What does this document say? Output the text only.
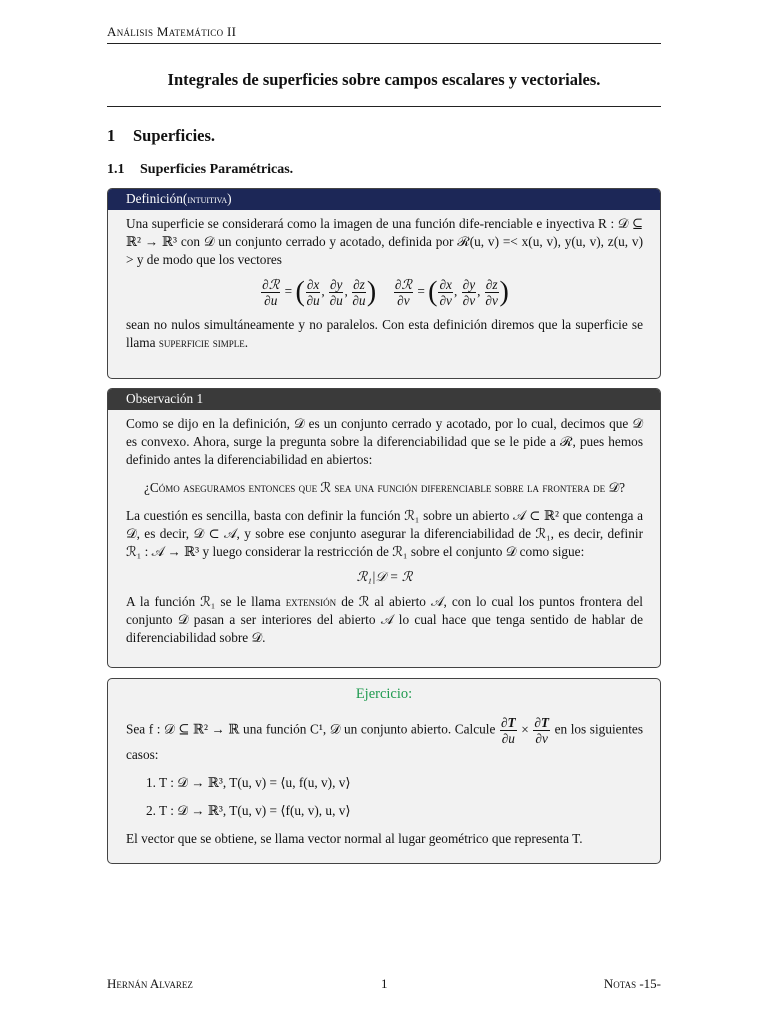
Análisis Matemático II
Integrales de superficies sobre campos escalares y vectoriales.
1 Superficies.
1.1 Superficies Paramétricas.
Definición(intuitiva)

Una superficie se considerará como la imagen de una función dife-renciable e inyectiva R : 𝒟 ⊆ ℝ² → ℝ³ con 𝒟 un conjunto cerrado y acotado, definida por ℛ(u, v) =< x(u, v), y(u, v), z(u, v) > y de modo que los vectores

$\frac{\text{∂ℛ}}{\partial u}$ = ( $\frac{\partial x}{\partial u}$ , $\frac{\partial y}{\partial u}$ , $\frac{\partial z}{\partial u}$ ) $\frac{\text{∂ℛ}}{\partial v}$ = ( $\frac{\partial x}{\partial v}$ , $\frac{\partial y}{\partial v}$ , $\frac{\partial z}{\partial v}$ )

sean no nulos simultáneamente y no paralelos. Con esta definición diremos que la superficie se llama superficie simple.

Observación 1

Como se dijo en la definición, 𝒟 es un conjunto cerrado y acotado, por lo cual, decimos que 𝒟 es convexo. Ahora, surge la pregunta sobre la diferenciabilidad que se le pide a ℛ, pues hemos definido antes la diferenciabilidad en abiertos:

¿Cómo aseguramos entonces que ℛ sea una función diferenciable sobre la frontera de 𝒟?

La cuestión es sencilla, basta con definir la función ℛ₁ sobre un abierto 𝒜 ⊂ ℝ² que contenga a 𝒟, es decir, 𝒟 ⊂ 𝒜, y sobre ese conjunto asegurar la diferenciabilidad de ℛ₁, es decir, definir ℛ₁ : 𝒜 → ℝ³ y luego considerar la restricción de ℛ₁ sobre el conjunto 𝒟 como sigue:

ℛ₁|𝒟 = ℛ

A la función ℛ₁ se le llama extensión de ℛ al abierto 𝒜, con lo cual los puntos frontera del conjunto 𝒟 pasan a ser interiores del abierto 𝒜 lo cual hace que tenga sentido de hablar de diferenciabilidad sobre 𝒟.

Ejercicio:

Sea f : 𝒟 ⊆ ℝ² → ℝ una función C¹, 𝒟 un conjunto abierto. Calcule $\frac{\partial T}{\partial u} \times \frac{\partial T}{\partial v}$ en los siguientes casos:

1. T : 𝒟 → ℝ³, T(u, v) = ⟨u, f(u, v), v⟩
2. T : 𝒟 → ℝ³, T(u, v) = ⟨f(u, v), u, v⟩

El vector que se obtiene, se llama vector normal al lugar geométrico que representa T.

Hernán Alvarez	1	Notas -15-
